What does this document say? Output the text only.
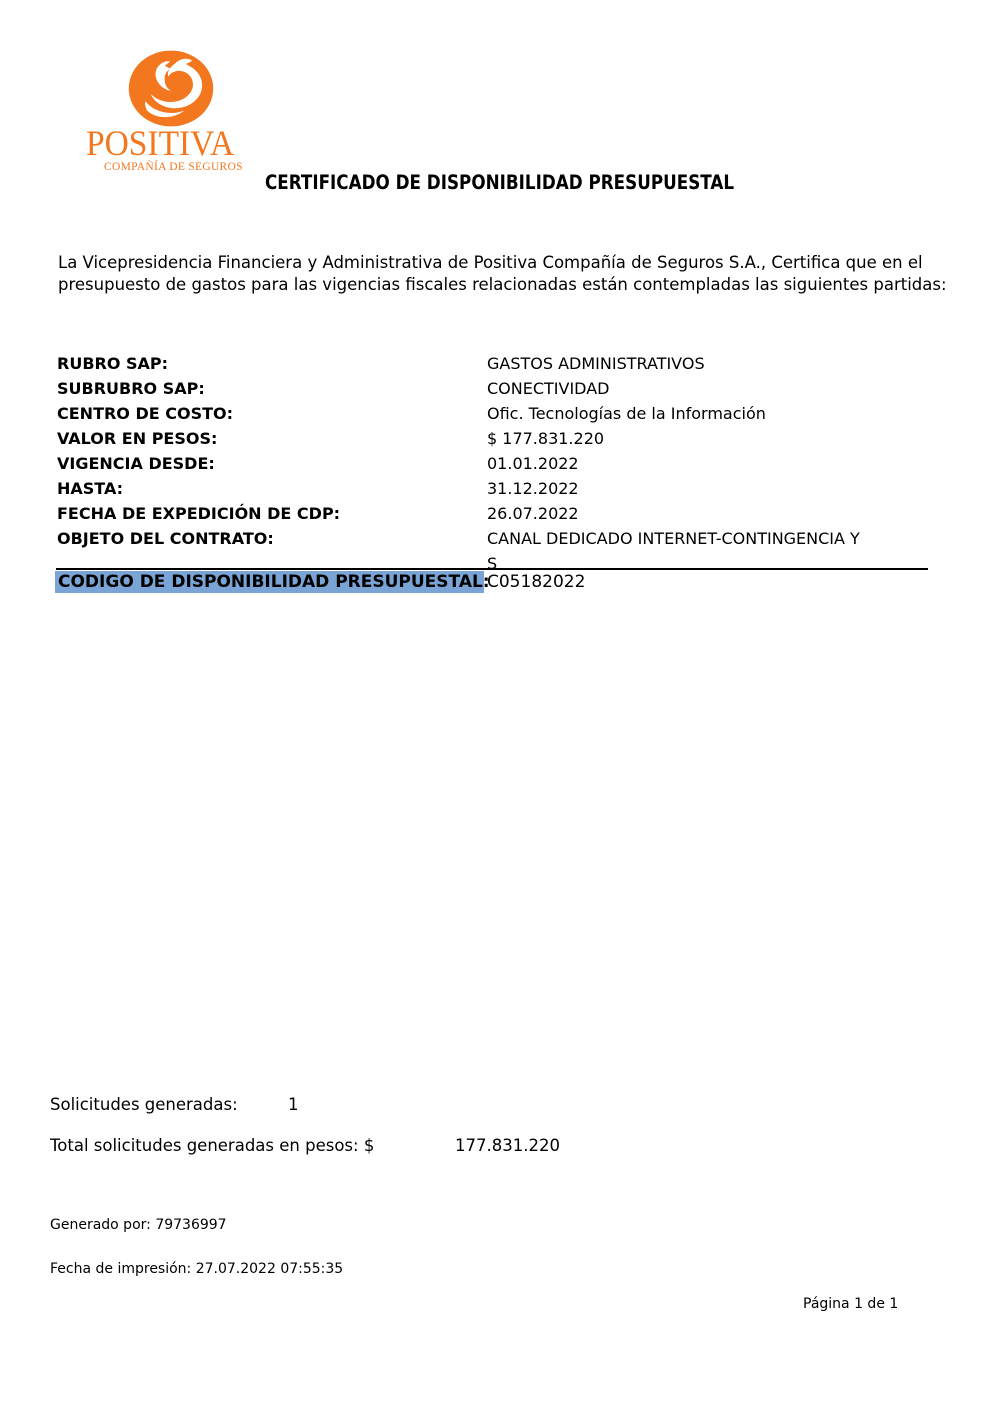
POSITIVA
COMPAÑÍA DE SEGUROS
CERTIFICADO DE DISPONIBILIDAD PRESUPUESTAL
La Vicepresidencia Financiera y Administrativa de Positiva Compañía de Seguros S.A., Certifica que en el
presupuesto de gastos para las vigencias fiscales relacionadas están contempladas las siguientes partidas:
RUBRO SAP:	GASTOS ADMINISTRATIVOS
SUBRUBRO SAP:	CONECTIVIDAD
CENTRO DE COSTO:	Ofic. Tecnologías de la Información
VALOR EN PESOS:	$ 177.831.220
VIGENCIA DESDE:	01.01.2022
HASTA:	31.12.2022
FECHA DE EXPEDICIÓN DE CDP:	26.07.2022
OBJETO DEL CONTRATO:	CANAL DEDICADO INTERNET-CONTINGENCIA Y
S
CODIGO DE DISPONIBILIDAD PRESUPUESTAL:
C05182022
Solicitudes generadas:	1
Total solicitudes generadas en pesos: $	177.831.220
Generado por: 79736997
Fecha de impresión: 27.07.2022 07:55:35
Página 1 de 1
